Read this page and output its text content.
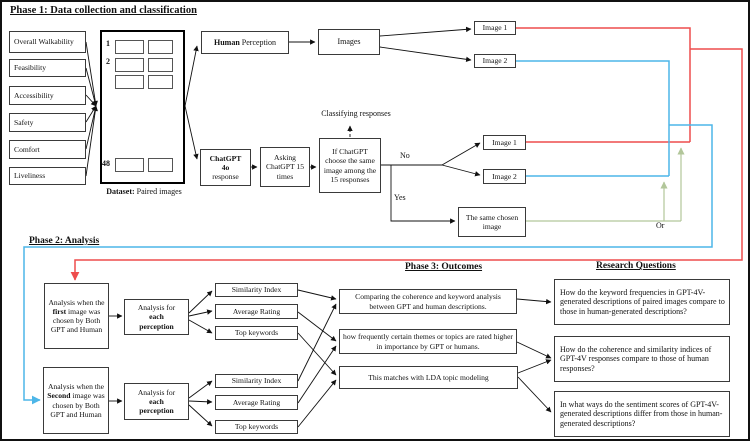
Phase 1: Data collection and classification
Overall Walkability
Feasibility
Accessibility
Safety
Comfort
Liveliness
1
2
48
Dataset: Paired images
Human Perception	Images
Image 1
Image 2
ChatGPT
4o
response
Asking ChatGPT 15 times
If ChatGPT choose the same image among the 15 responses
Classifying responses
No
Yes
Or
Image 1
Image 2
The same chosen image
Phase 2: Analysis
Analysis when the first image was chosen by Both GPT and Human
Analysis when the Second image was chosen by Both GPT and Human
Analysis for
each
perception
Analysis for
each
perception
Similarity Index
Average Rating
Top keywords
Similarity Index
Average Rating
Top keywords
Phase 3: Outcomes
Comparing the coherence and keyword analysis between GPT and human descriptions.
how frequently certain themes or topics are rated higher in importance by GPT or humans.
This matches with LDA topic modeling
Research Questions
How do the keyword frequencies in GPT-4V-generated descriptions of paired images compare to those in human-generated descriptions?
How do the coherence and similarity indices of GPT-4V responses compare to those of human responses?
In what ways do the sentiment scores of GPT-4V-generated descriptions differ from those in human-generated descriptions?
